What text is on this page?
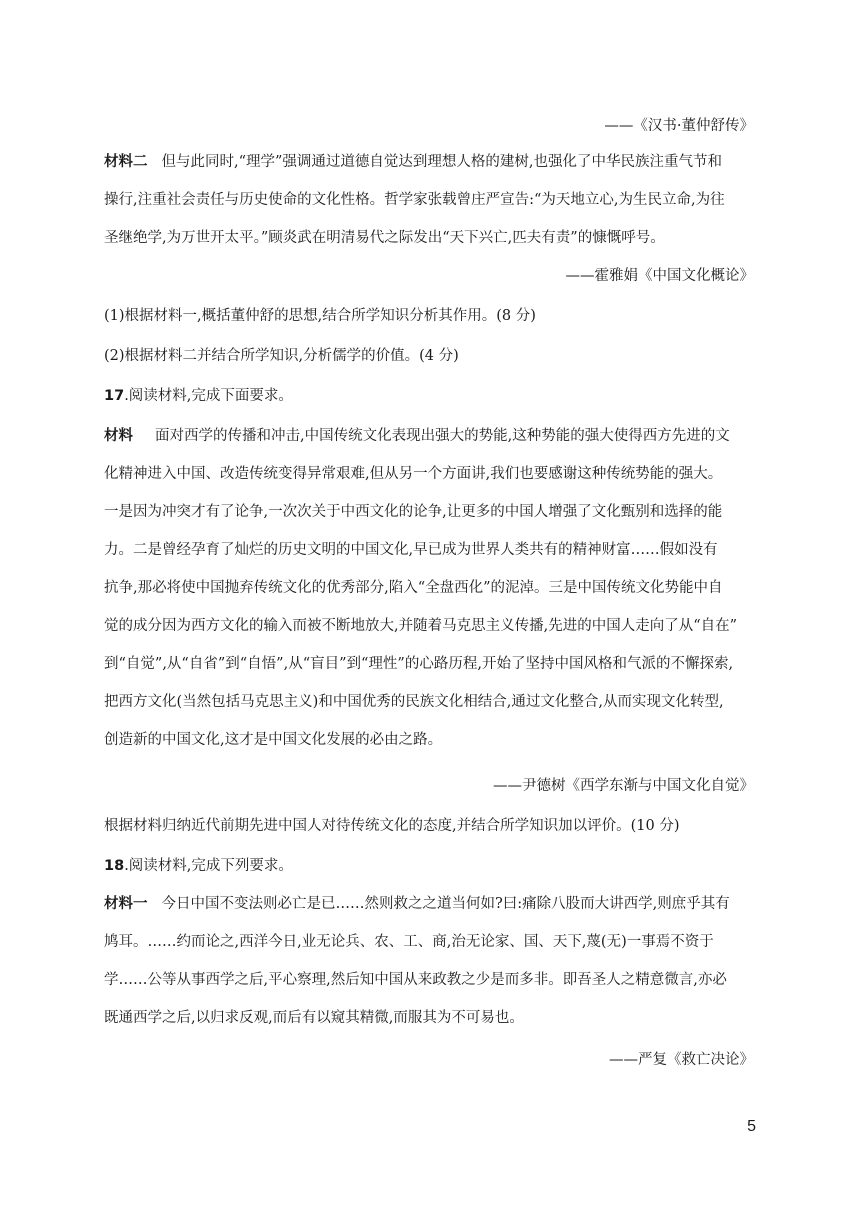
——《汉书·董仲舒传》
材料二 但与此同时,“理学”强调通过道德自觉达到理想人格的建树,也强化了中华民族注重气节和
操行,注重社会责任与历史使命的文化性格。哲学家张载曾庄严宣告:“为天地立心,为生民立命,为往
圣继绝学,为万世开太平。”顾炎武在明清易代之际发出“天下兴亡,匹夫有责”的慷慨呼号。
——霍雅娟《中国文化概论》
(1)根据材料一,概括董仲舒的思想,结合所学知识分析其作用。(8 分)
(2)根据材料二并结合所学知识,分析儒学的价值。(4 分)
17.阅读材料,完成下面要求。
材料 面对西学的传播和冲击,中国传统文化表现出强大的势能,这种势能的强大使得西方先进的文
化精神进入中国、改造传统变得异常艰难,但从另一个方面讲,我们也要感谢这种传统势能的强大。
一是因为冲突才有了论争,一次次关于中西文化的论争,让更多的中国人增强了文化甄别和选择的能
力。二是曾经孕育了灿烂的历史文明的中国文化,早已成为世界人类共有的精神财富……假如没有
抗争,那必将使中国抛弃传统文化的优秀部分,陷入“全盘西化”的泥淖。三是中国传统文化势能中自
觉的成分因为西方文化的输入而被不断地放大,并随着马克思主义传播,先进的中国人走向了从“自在”
到“自觉”,从“自省”到“自悟”,从“盲目”到“理性”的心路历程,开始了坚持中国风格和气派的不懈探索,
把西方文化(当然包括马克思主义)和中国优秀的民族文化相结合,通过文化整合,从而实现文化转型,
创造新的中国文化,这才是中国文化发展的必由之路。
——尹德树《西学东渐与中国文化自觉》
根据材料归纳近代前期先进中国人对待传统文化的态度,并结合所学知识加以评价。(10 分)
18.阅读材料,完成下列要求。
材料一 今日中国不变法则必亡是已……然则救之之道当何如?曰:痛除八股而大讲西学,则庶乎其有
鸠耳。……约而论之,西洋今日,业无论兵、农、工、商,治无论家、国、天下,蔑(无)一事焉不资于
学……公等从事西学之后,平心察理,然后知中国从来政教之少是而多非。即吾圣人之精意微言,亦必
既通西学之后,以归求反观,而后有以窥其精微,而服其为不可易也。
——严复《救亡决论》
5
